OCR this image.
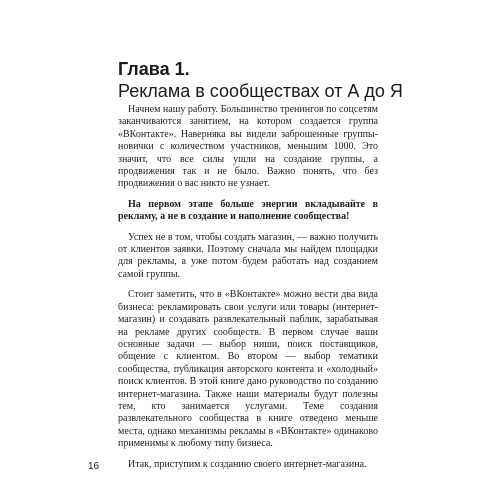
Глава 1.
Реклама в сообществах от А до Я

Начнем нашу работу. Большинство тренингов по соцсетям заканчиваются занятием, на котором создается группа «ВКонтакте». Наверняка вы видели заброшенные группы-новички с количеством участников, меньшим 1000. Это значит, что все силы ушли на создание группы, а продвижения так и не было. Важно понять, что без продвижения о вас никто не узнает.

На первом этапе больше энергии вкладывайте в рекламу, а не в создание и наполнение сообщества!

Успех не в том, чтобы создать магазин, — важно получить от клиентов заявки. Поэтому сначала мы найдем площадки для рекламы, а уже потом будем работать над созданием самой группы.

Стоит заметить, что в «ВКонтакте» можно вести два вида бизнеса: рекламировать свои услуги или товары (интернет-магазин) и создавать развлекательный паблик, зарабатывая на рекламе других сообществ. В первом случае ваши основные задачи — выбор ниши, поиск поставщиков, общение с клиентом. Во втором — выбор тематики сообщества, публикация авторского контента и «холодный» поиск клиентов. В этой книге дано руководство по созданию интернет-магазина. Также наши материалы будут полезны тем, кто занимается услугами. Теме создания развлекательного сообщества в книге отведено меньше места, однако механизмы рекламы в «ВКонтакте» одинаково применимы к любому типу бизнеса.

Итак, приступим к созданию своего интернет-магазина.

16
